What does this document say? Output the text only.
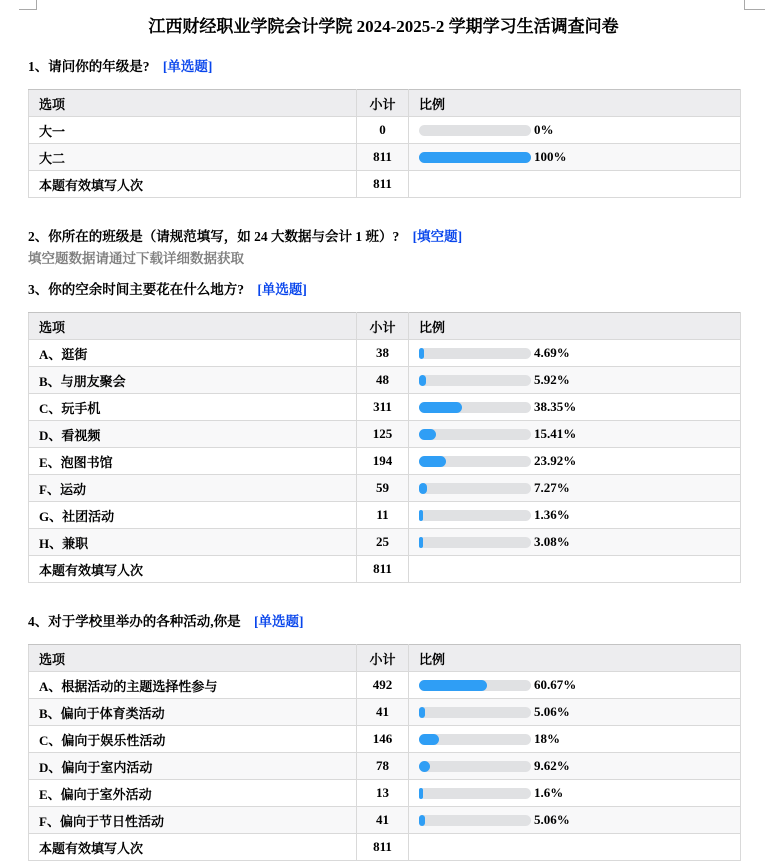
江西财经职业学院会计学院 2024-2025-2 学期学习生活调查问卷
1、请问你的年级是? [单选题]
选项	小计	比例
大一	0	0%

大二	811	100%

本题有效填写人次	811	
2、你所在的班级是（请规范填写，如 24 大数据与会计 1 班）? [填空题]
填空题数据请通过下载详细数据获取
3、你的空余时间主要花在什么地方? [单选题]
选项	小计	比例
A、逛街	38	4.69%

B、与朋友聚会	48	5.92%

C、玩手机	311	38.35%

D、看视频	125	15.41%

E、泡图书馆	194	23.92%

F、运动	59	7.27%

G、社团活动	11	1.36%

H、兼职	25	3.08%

本题有效填写人次	811	
4、对于学校里举办的各种活动,你是 [单选题]
选项	小计	比例
A、根据活动的主题选择性参与	492	60.67%

B、偏向于体育类活动	41	5.06%

C、偏向于娱乐性活动	146	18%

D、偏向于室内活动	78	9.62%

E、偏向于室外活动	13	1.6%

F、偏向于节日性活动	41	5.06%

本题有效填写人次	811	
